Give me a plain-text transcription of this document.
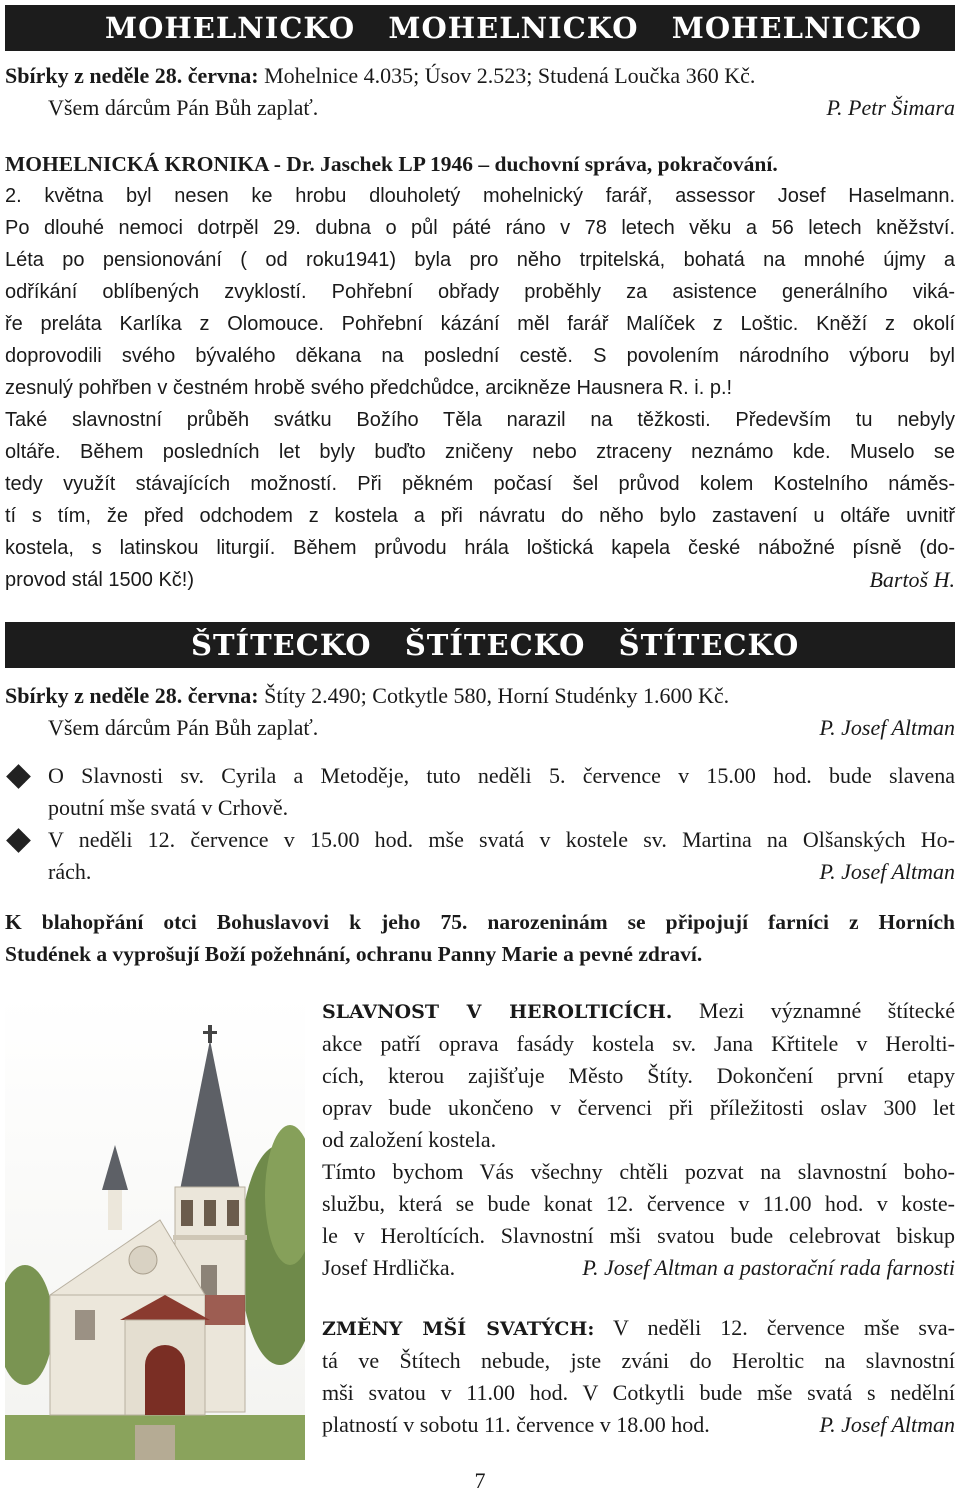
MOHELNICKO   MOHELNICKO   MOHELNICKO
Sbírky z neděle 28. června: Mohelnice 4.035; Úsov 2.523; Studená Loučka 360 Kč.
Všem dárcům Pán Bůh zaplať.	P. Petr Šimara
MOHELNICKÁ KRONIKA - Dr. Jaschek LP 1946 – duchovní správa, pokračování.
2. května byl nesen ke hrobu dlouholetý mohelnický farář, assessor Josef Haselmann.
Po dlouhé nemoci dotrpěl 29. dubna o půl páté ráno v 78 letech věku a 56 letech kněžství.
Léta po pensionování ( od roku1941) byla pro něho trpitelská, bohatá na mnohé újmy a
odříkání oblíbených zvyklostí. Pohřební obřady proběhly za asistence generálního viká-
ře preláta Karlíka z Olomouce. Pohřební kázání měl farář Malíček z Loštic. Kněží z okolí
doprovodili svého bývalého děkana na poslední cestě. S povolením národního výboru byl
zesnulý pohřben v čestném hrobě svého předchůdce, arcikněze Hausnera R. i. p.!
Také slavnostní průběh svátku Božího Těla narazil na těžkosti. Především tu nebyly
oltáře. Během posledních let byly buďto zničeny nebo ztraceny neznámo kde. Muselo se
tedy využít stávajících možností. Při pěkném počasí šel průvod kolem Kostelního náměs-
tí s tím, že před odchodem z kostela a při návratu do něho bylo zastavení u oltáře uvnitř
kostela, s latinskou liturgií. Během průvodu hrála loštická kapela české nábožné písně (do-
provod stál 1500 Kč!)	Bartoš H.
ŠTÍTECKO   ŠTÍTECKO   ŠTÍTECKO
Sbírky z neděle 28. června: Štíty 2.490; Cotkytle 580, Horní Studénky 1.600 Kč.
Všem dárcům Pán Bůh zaplať.	P. Josef Altman
O Slavnosti sv. Cyrila a Metoděje, tuto neděli 5. července v 15.00 hod. bude slavena
poutní mše svatá v Crhově.
V neděli 12. července v 15.00 hod. mše svatá v kostele sv. Martina na Olšanských Ho-
rách.	P. Josef Altman
K blahopřání otci Bohuslavovi k jeho 75. narozeninám se připojují farníci z Horních
Studének a vyprošují Boží požehnání, ochranu Panny Marie a pevné zdraví.
SLAVNOST V HEROLTICÍCH. Mezi významné štítecké
akce patří oprava fasády kostela sv. Jana Křtitele v Herolti-
cích, kterou zajišťuje Město Štíty. Dokončení první etapy
oprav bude ukončeno v červenci při příležitosti oslav 300 let
od založení kostela.
Tímto bychom Vás všechny chtěli pozvat na slavnostní boho-
službu, která se bude konat 12. července v 11.00 hod. v koste-
le v Heroltících. Slavnostní mši svatou bude celebrovat biskup
Josef Hrdlička.	P. Josef Altman a pastorační rada farnosti
ZMĚNY MŠÍ SVATÝCH: V neděli 12. července mše sva-
tá ve Štítech nebude, jste zváni do Heroltic na slavnostní
mši svatou v 11.00 hod. V Cotkytli bude mše svatá s nedělní
platností v sobotu 11. července v 18.00 hod.	P. Josef Altman
7
